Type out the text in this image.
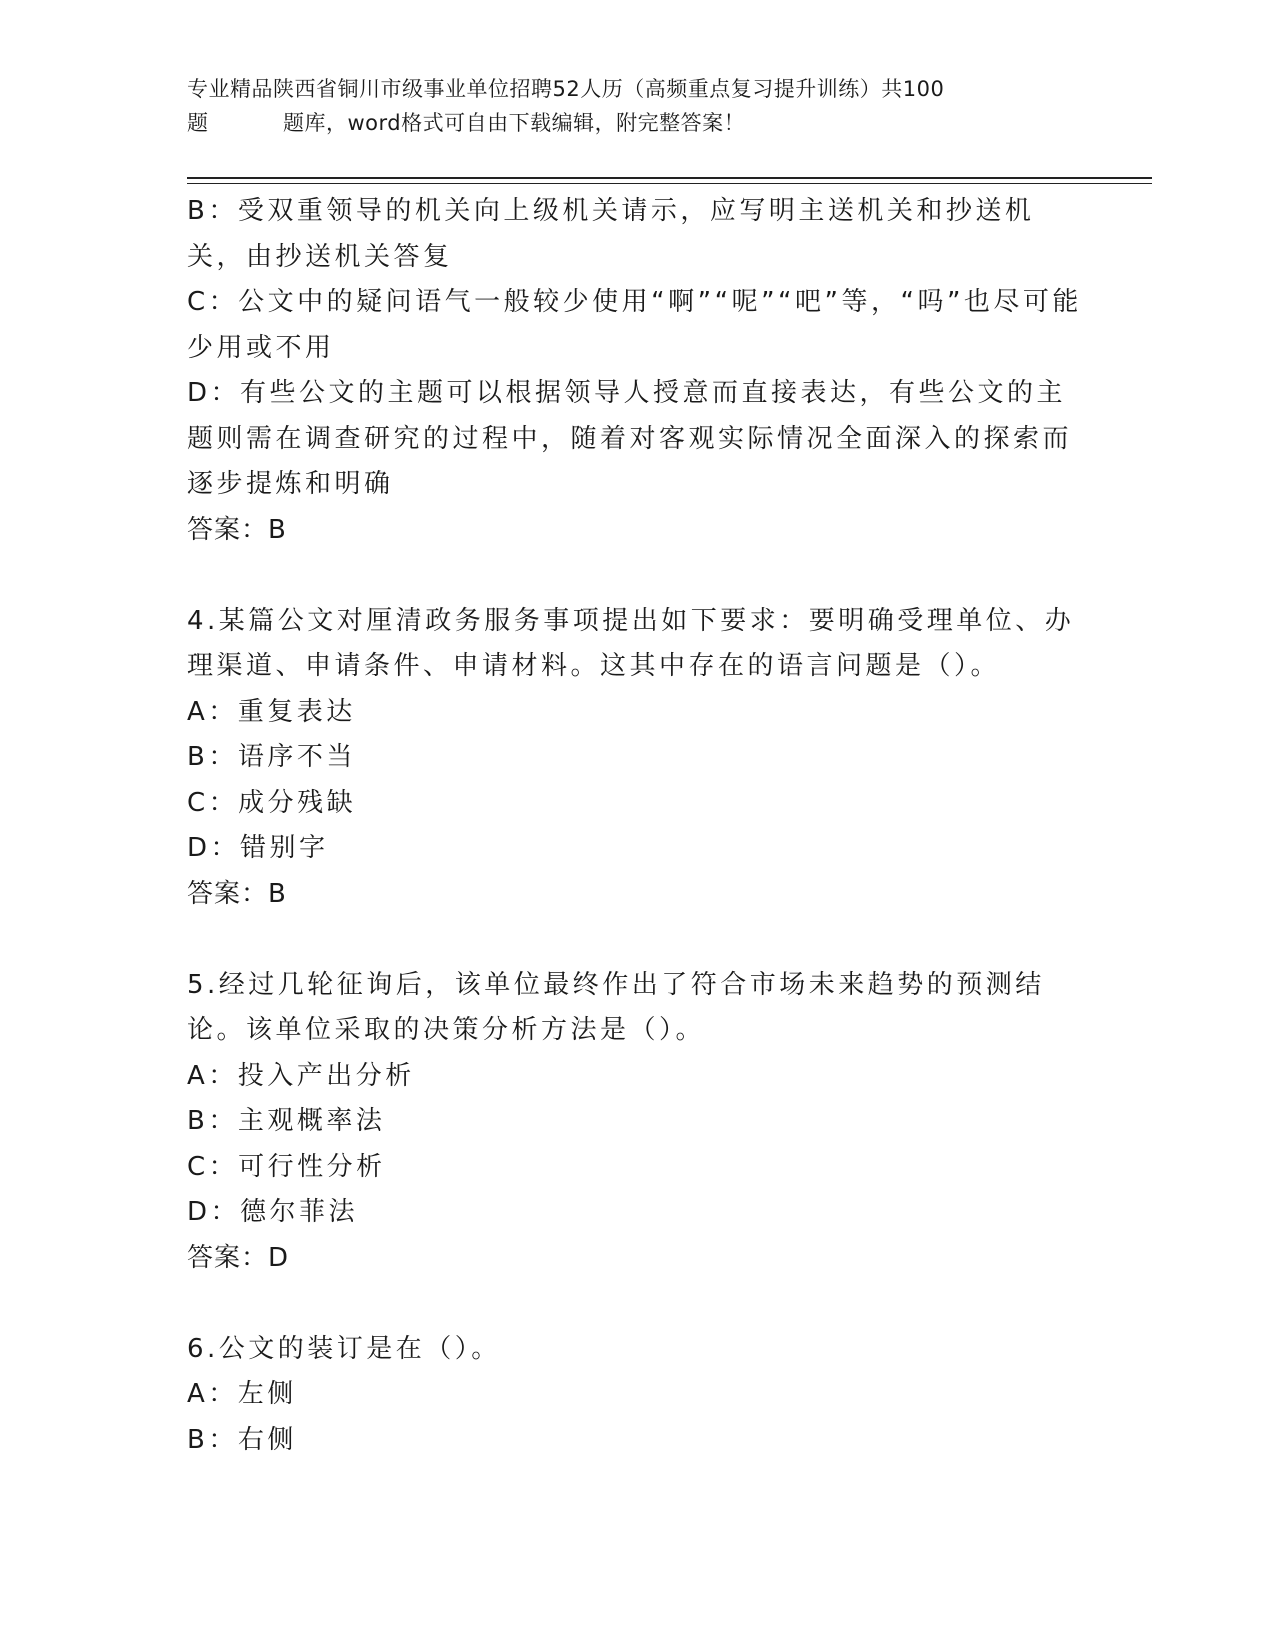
专业精品陕西省铜川市级事业单位招聘52人历（高频重点复习提升训练）共100
题	题库，word格式可自由下载编辑，附完整答案！
B：受双重领导的机关向上级机关请示，应写明主送机关和抄送机关，由抄送机关答复
C：公文中的疑问语气一般较少使用“啊”“呢”“吧”等，“吗”也尽可能少用或不用
D：有些公文的主题可以根据领导人授意而直接表达，有些公文的主题则需在调查研究的过程中，随着对客观实际情况全面深入的探索而逐步提炼和明确
答案：B
4.某篇公文对厘清政务服务事项提出如下要求：要明确受理单位、办理渠道、申请条件、申请材料。这其中存在的语言问题是（）。
A：重复表达
B：语序不当
C：成分残缺
D：错别字
答案：B
5.经过几轮征询后，该单位最终作出了符合市场未来趋势的预测结论。该单位采取的决策分析方法是（）。
A：投入产出分析
B：主观概率法
C：可行性分析
D：德尔菲法
答案：D
6.公文的装订是在（）。
A：左侧
B：右侧
